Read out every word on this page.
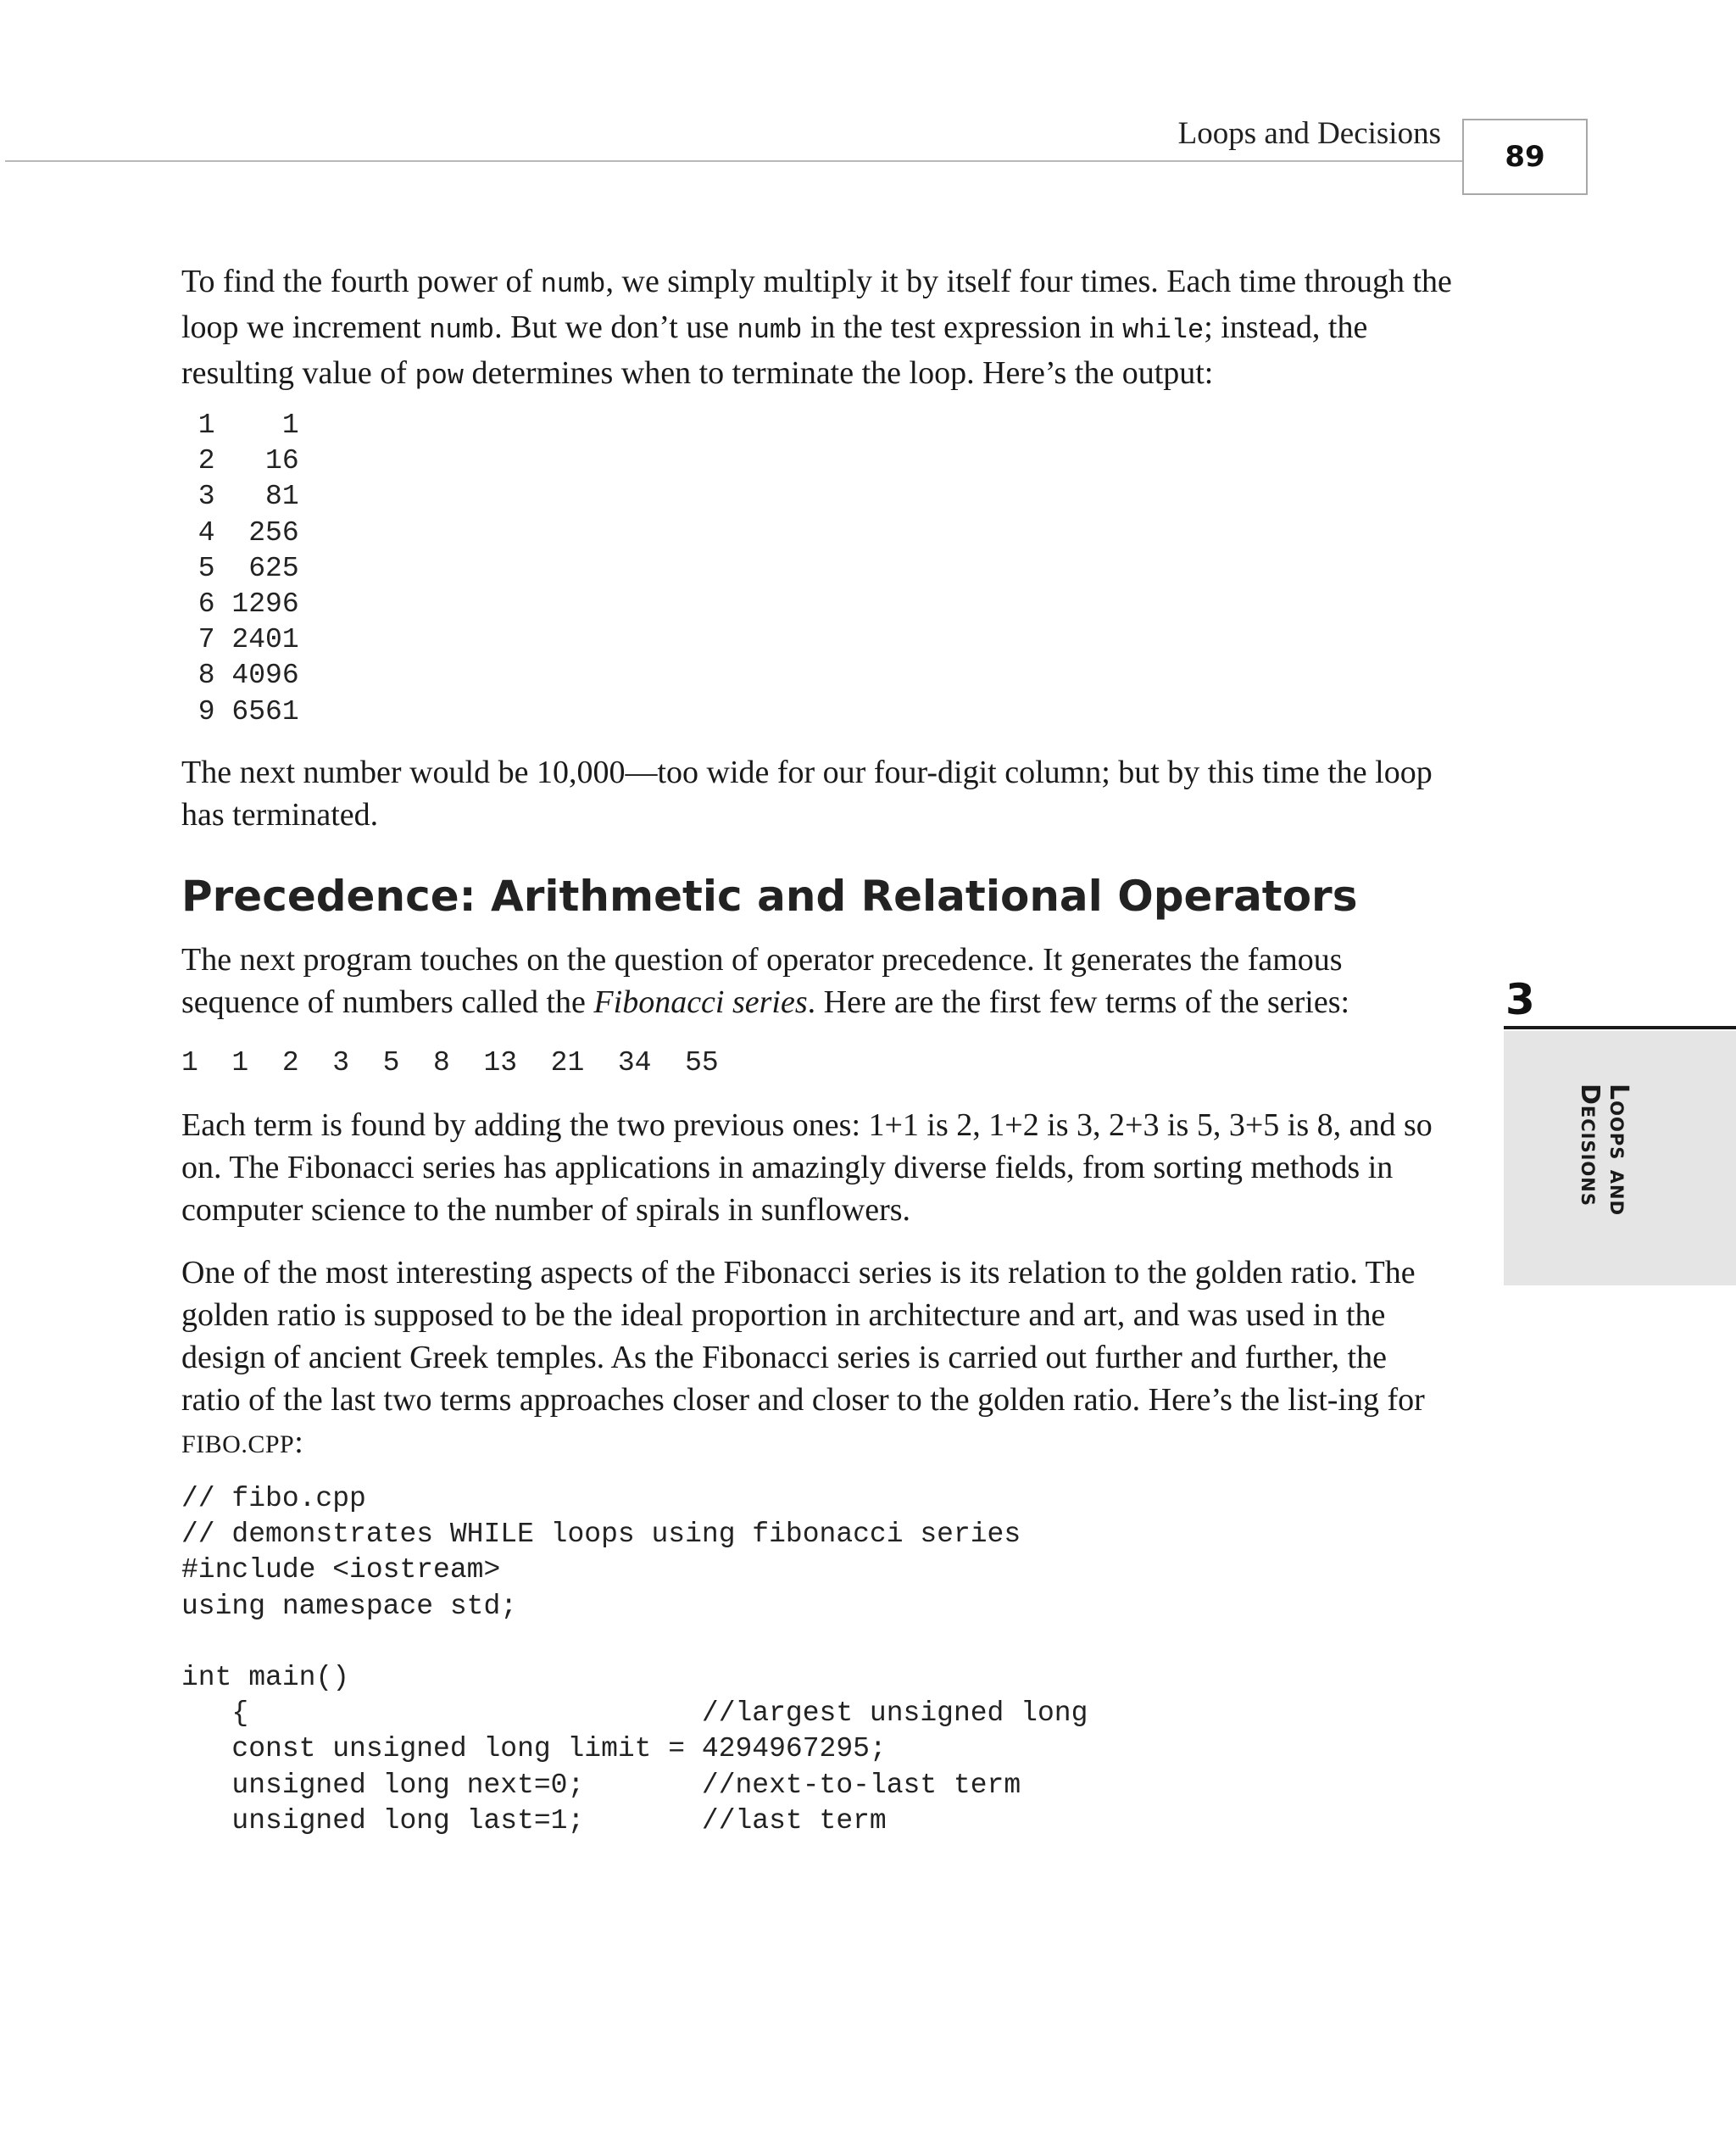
Loops and Decisions
89

To find the fourth power of numb, we simply multiply it by itself four times. Each time through the loop we increment numb. But we don’t use numb in the test expression in while; instead, the resulting value of pow determines when to terminate the loop. Here’s the output:

1    1
2   16
3   81
4  256
5  625
6 1296
7 2401
8 4096
9 6561

The next number would be 10,000—too wide for our four-digit column; but by this time the loop has terminated.

Precedence: Arithmetic and Relational Operators

The next program touches on the question of operator precedence. It generates the famous sequence of numbers called the Fibonacci series. Here are the first few terms of the series:

1  1  2  3  5  8  13  21  34  55

Each term is found by adding the two previous ones: 1+1 is 2, 1+2 is 3, 2+3 is 5, 3+5 is 8, and so on. The Fibonacci series has applications in amazingly diverse fields, from sorting methods in computer science to the number of spirals in sunflowers.

One of the most interesting aspects of the Fibonacci series is its relation to the golden ratio. The golden ratio is supposed to be the ideal proportion in architecture and art, and was used in the design of ancient Greek temples. As the Fibonacci series is carried out further and further, the ratio of the last two terms approaches closer and closer to the golden ratio. Here’s the list-ing for FIBO.CPP:

// fibo.cpp
// demonstrates WHILE loops using fibonacci series
#include <iostream>
using namespace std;

int main()
{                           //largest unsigned long
const unsigned long limit = 4294967295;
unsigned long next=0;       //next-to-last term
unsigned long last=1;       //last term
3
Loops and
Decisions
